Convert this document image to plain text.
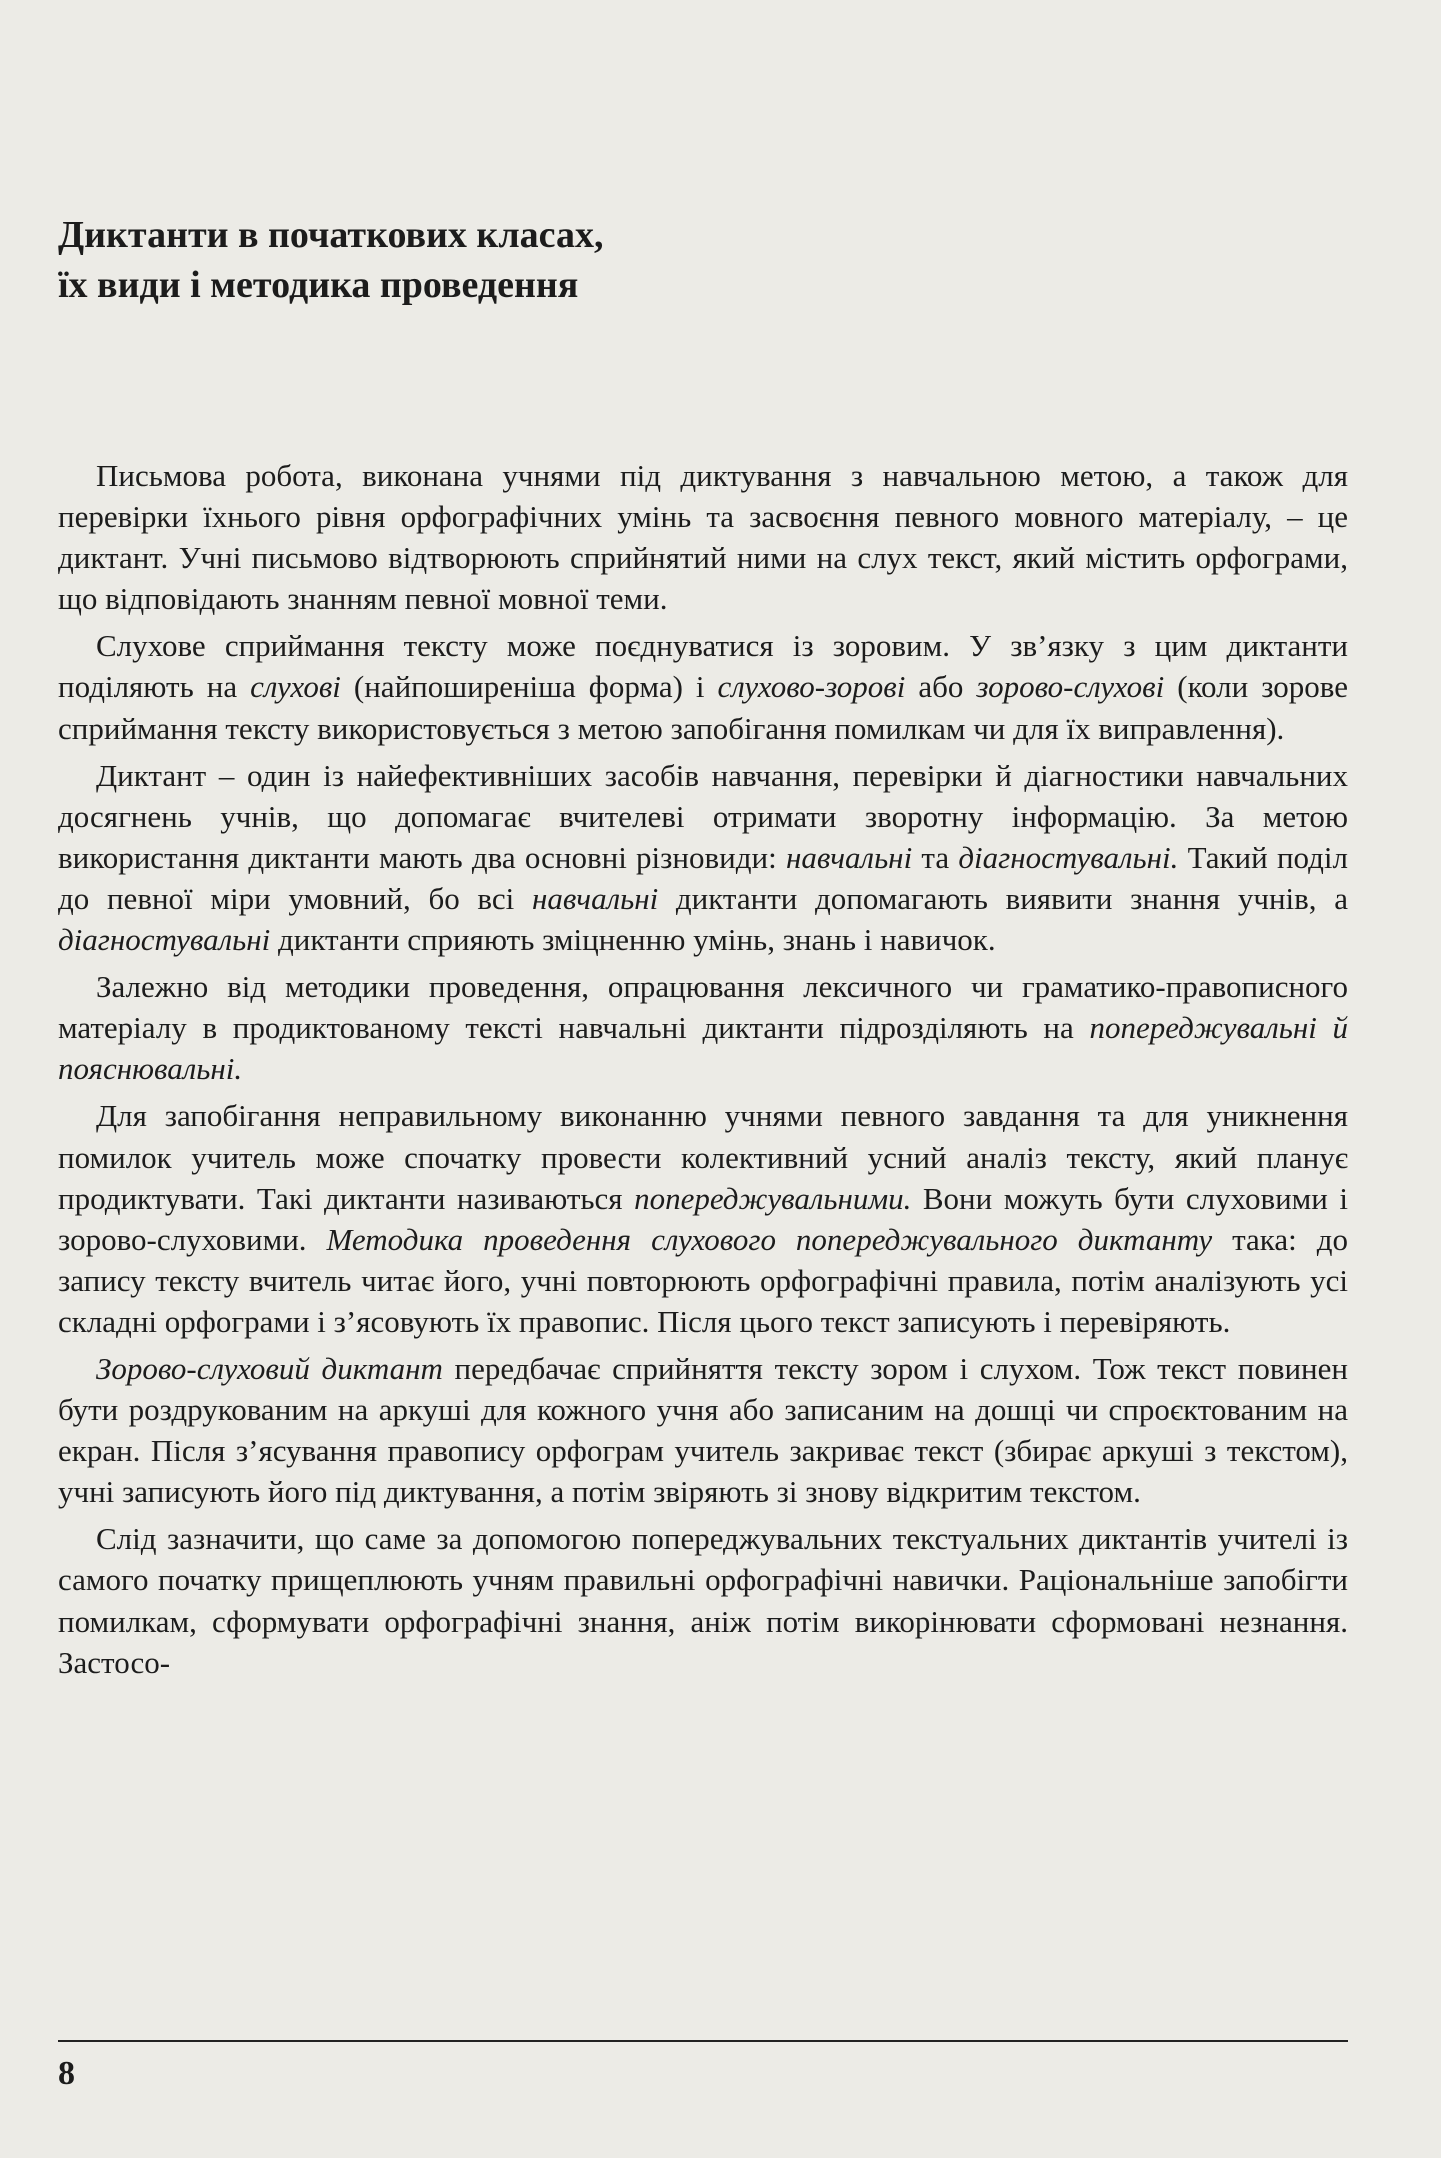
Диктанти в початкових класах,
їх види і методика проведення

Письмова робота, виконана учнями під диктування з навчальною метою, а також для перевірки їхнього рівня орфографічних умінь та засвоєння певного мовного матеріалу, – це диктант. Учні письмово відтворюють сприйнятий ними на слух текст, який містить орфограми, що відповідають знанням певної мовної теми.

Слухове сприймання тексту може поєднуватися із зоровим. У зв’язку з цим диктанти поділяють на слухові (найпоширеніша форма) і слухово-зорові або зорово-слухові (коли зорове сприймання тексту використовується з метою запобігання помилкам чи для їх виправлення).

Диктант – один із найефективніших засобів навчання, перевірки й діагностики навчальних досягнень учнів, що допомагає вчителеві отримати зворотну інформацію. За метою використання диктанти мають два основні різновиди: навчальні та діагностувальні. Такий поділ до певної міри умовний, бо всі навчальні диктанти допомагають виявити знання учнів, а діагностувальні диктанти сприяють зміцненню умінь, знань і навичок.

Залежно від методики проведення, опрацювання лексичного чи граматико-правописного матеріалу в продиктованому тексті навчальні диктанти підрозділяють на попереджувальні й пояснювальні.

Для запобігання неправильному виконанню учнями певного завдання та для уникнення помилок учитель може спочатку провести колективний усний аналіз тексту, який планує продиктувати. Такі диктанти називаються попереджувальними. Вони можуть бути слуховими і зорово-слуховими. Методика проведення слухового попереджувального диктанту така: до запису тексту вчитель читає його, учні повторюють орфографічні правила, потім аналізують усі складні орфограми і з’ясовують їх правопис. Після цього текст записують і перевіряють.

Зорово-слуховий диктант передбачає сприйняття тексту зором і слухом. Тож текст повинен бути роздрукованим на аркуші для кожного учня або записаним на дошці чи спроєктованим на екран. Після з’ясування правопису орфограм учитель закриває текст (збирає аркуші з текстом), учні записують його під диктування, а потім звіряють зі знову відкритим текстом.

Слід зазначити, що саме за допомогою попереджувальних текстуальних диктантів учителі із самого початку прищеплюють учням правильні орфографічні навички. Раціональніше запобігти помилкам, сформувати орфографічні знання, аніж потім викорінювати сформовані незнання. Застосо-

8
